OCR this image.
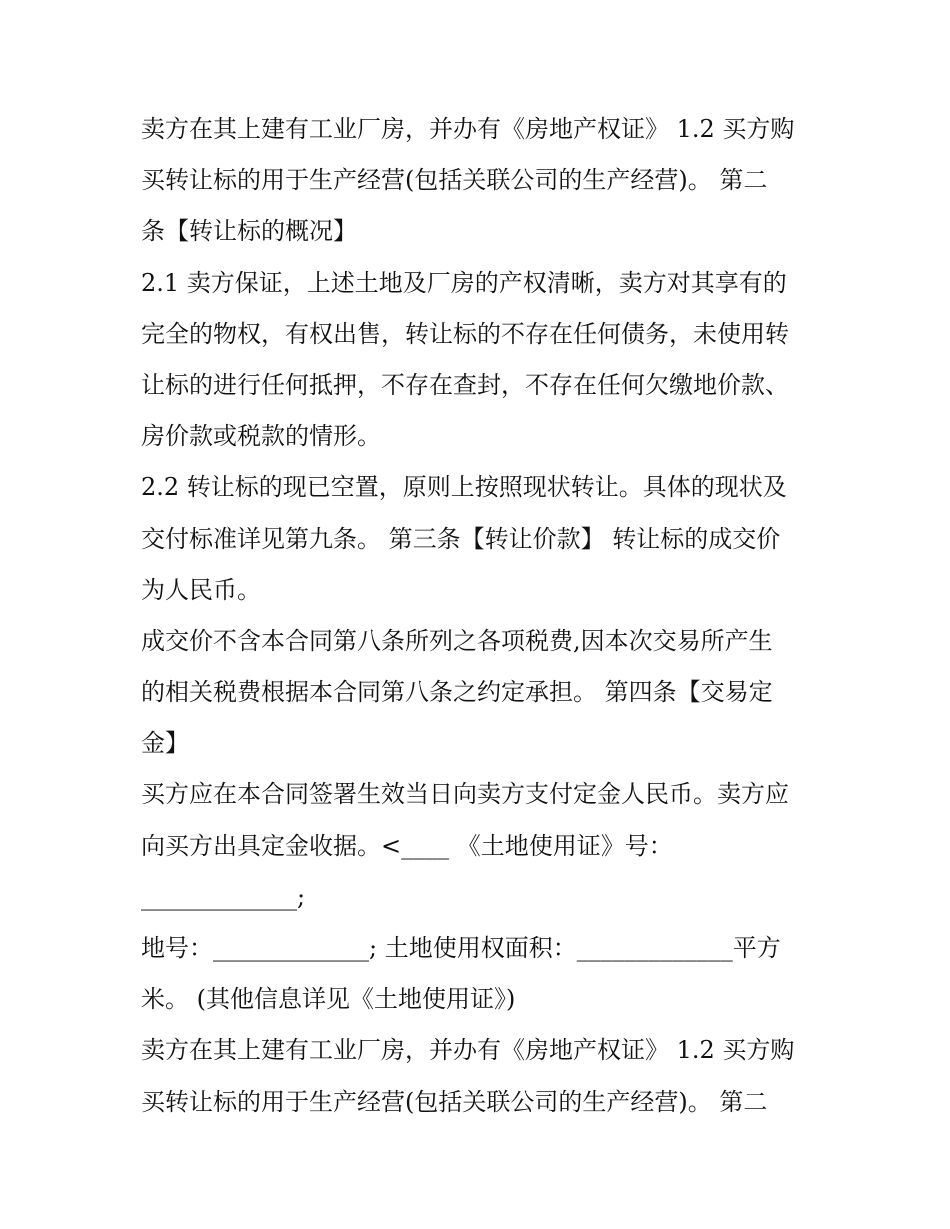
卖方在其上建有工业厂房，并办有《房地产权证》 1.2 买方购
买转让标的用于生产经营(包括关联公司的生产经营)。 第二
条【转让标的概况】
2.1 卖方保证，上述土地及厂房的产权清晰，卖方对其享有的
完全的物权，有权出售，转让标的不存在任何债务，未使用转
让标的进行任何抵押，不存在查封，不存在任何欠缴地价款、
房价款或税款的情形。
2.2 转让标的现已空置，原则上按照现状转让。具体的现状及
交付标准详见第九条。 第三条【转让价款】 转让标的成交价
为人民币。
成交价不含本合同第八条所列之各项税费,因本次交易所产生
的相关税费根据本合同第八条之约定承担。 第四条【交易定
金】
买方应在本合同签署生效当日向卖方支付定金人民币。卖方应
向买方出具定金收据。<____ 《土地使用证》号：
_____________;
地号：_____________; 土地使用权面积：_____________平方
米。 (其他信息详见《土地使用证》)
卖方在其上建有工业厂房，并办有《房地产权证》 1.2 买方购
买转让标的用于生产经营(包括关联公司的生产经营)。 第二
